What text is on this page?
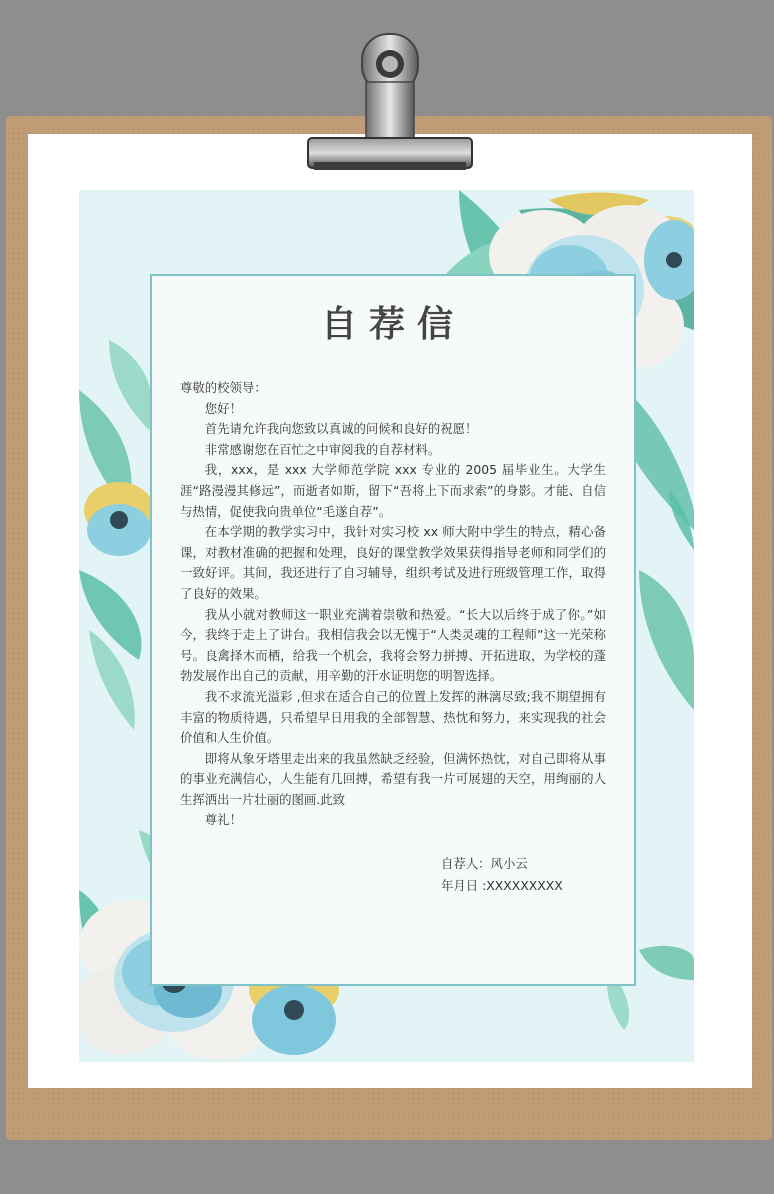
自荐信

尊敬的校领导：

您好！

首先请允许我向您致以真诚的问候和良好的祝愿！

非常感谢您在百忙之中审阅我的自荐材料。

我，xxx，是 xxx 大学师范学院 xxx 专业的 2005 届毕业生。大学生涯“路漫漫其修远”，而逝者如斯，留下“吾将上下而求索”的身影。才能、自信与热情，促使我向贵单位“毛遂自荐”。

在本学期的教学实习中，我针对实习校 xx 师大附中学生的特点，精心备课，对教材准确的把握和处理，良好的课堂教学效果获得指导老师和同学们的一致好评。其间，我还进行了自习辅导，组织考试及进行班级管理工作，取得了良好的效果。

我从小就对教师这一职业充满着崇敬和热爱。“长大以后终于成了你。”如今，我终于走上了讲台。我相信我会以无愧于“人类灵魂的工程师”这一光荣称号。良禽择木而栖，给我一个机会，我将会努力拼搏、开拓进取，为学校的蓬勃发展作出自己的贡献，用辛勤的汗水证明您的明智选择。

我不求流光溢彩 ,但求在适合自己的位置上发挥的淋漓尽致;我不期望拥有丰富的物质待遇，只希望早日用我的全部智慧、热忱和努力，来实现我的社会价值和人生价值。

即将从象牙塔里走出来的我虽然缺乏经验，但满怀热忱，对自己即将从事的事业充满信心，人生能有几回搏，希望有我一片可展翅的天空，用绚丽的人生挥洒出一片壮丽的图画.此致

尊礼！

自荐人：风小云
年月日 :XXXXXXXXX
